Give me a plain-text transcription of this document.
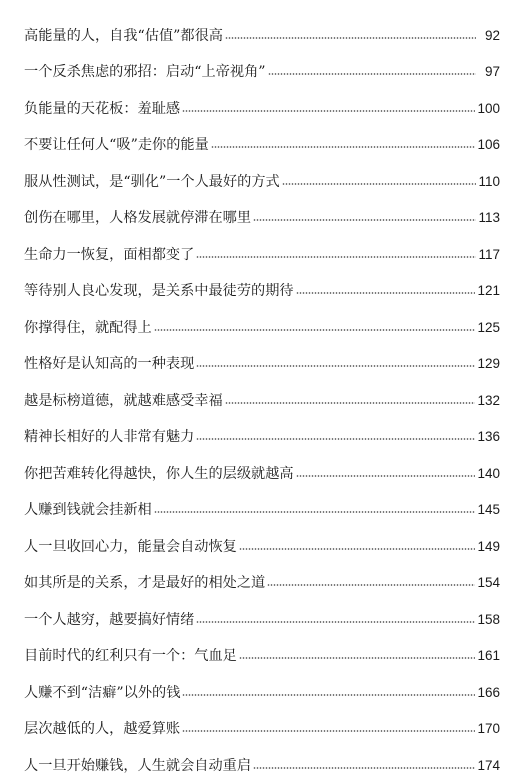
高能量的人，自我“估值”都很高	92
一个反杀焦虑的邪招：启动“上帝视角”	97
负能量的天花板：羞耻感	100
不要让任何人“吸”走你的能量	106
服从性测试，是“驯化”一个人最好的方式	110
创伤在哪里，人格发展就停滞在哪里	113
生命力一恢复，面相都变了	117
等待别人良心发现，是关系中最徒劳的期待	121
你撑得住，就配得上	125
性格好是认知高的一种表现	129
越是标榜道德，就越难感受幸福	132
精神长相好的人非常有魅力	136
你把苦难转化得越快，你人生的层级就越高	140
人赚到钱就会挂新相	145
人一旦收回心力，能量会自动恢复	149
如其所是的关系，才是最好的相处之道	154
一个人越穷，越要搞好情绪	158
目前时代的红利只有一个：气血足	161
人赚不到“洁癖”以外的钱	166
层次越低的人，越爱算账	170
人一旦开始赚钱，人生就会自动重启	174
